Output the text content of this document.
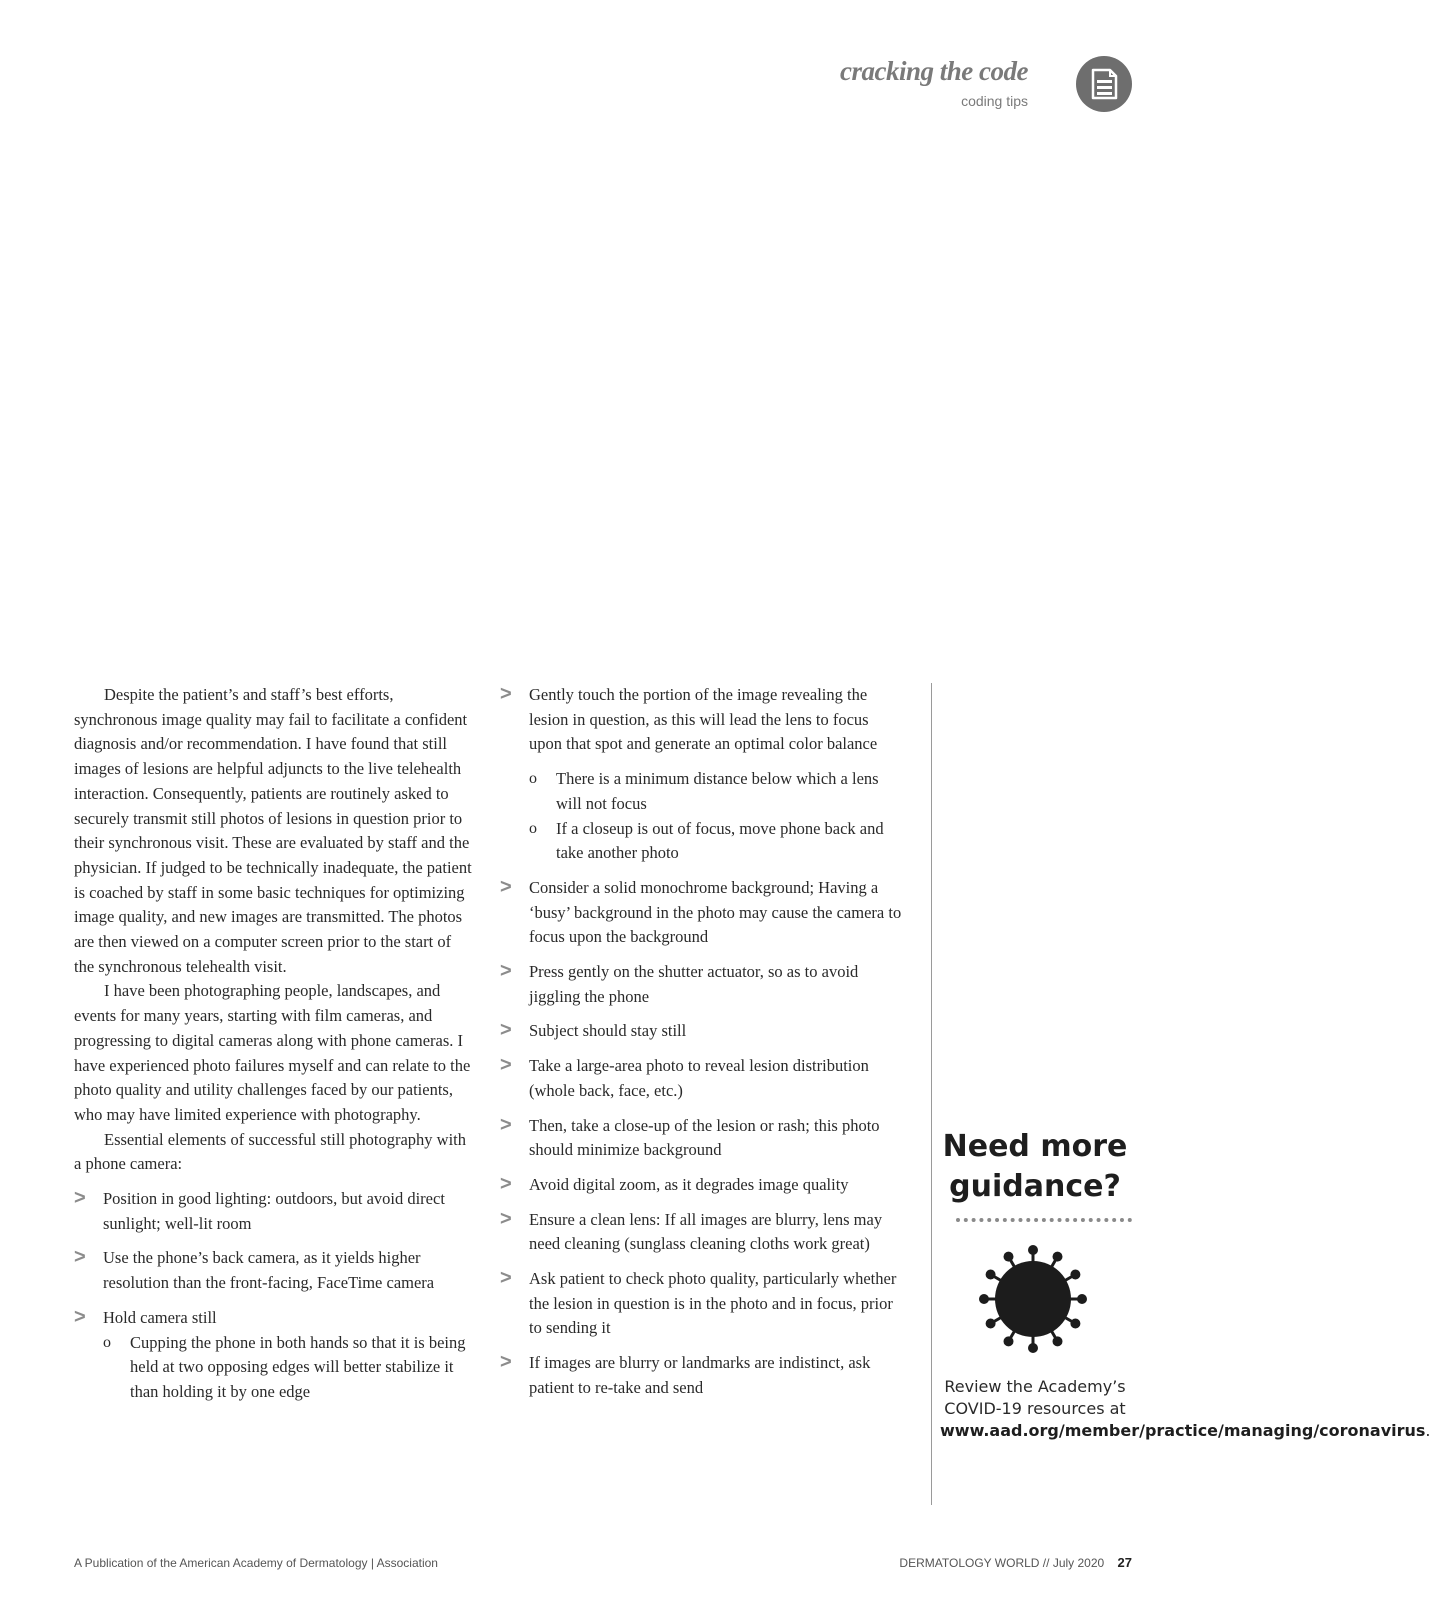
cracking the code
coding tips

Despite the patient’s and staff’s best efforts, synchronous image quality may fail to facilitate a confident diagnosis and/or recommendation. I have found that still images of lesions are helpful adjuncts to the live telehealth interaction. Consequently, patients are routinely asked to securely transmit still photos of lesions in question prior to their synchronous visit. These are evaluated by staff and the physician. If judged to be technically inadequate, the patient is coached by staff in some basic techniques for optimizing image quality, and new images are transmitted. The photos are then viewed on a computer screen prior to the start of the synchronous telehealth visit.

I have been photographing people, landscapes, and events for many years, starting with film cameras, and progressing to digital cameras along with phone cameras. I have experienced photo failures myself and can relate to the photo quality and utility challenges faced by our patients, who may have limited experience with photography.

Essential elements of successful still photography with a phone camera:

> Position in good lighting: outdoors, but avoid direct sunlight; well-lit room
> Use the phone’s back camera, as it yields higher resolution than the front-facing, FaceTime camera
> Hold camera still
o Cupping the phone in both hands so that it is being held at two opposing edges will better stabilize it than holding it by one edge
> Gently touch the portion of the image revealing the lesion in question, as this will lead the lens to focus upon that spot and generate an optimal color balance
o There is a minimum distance below which a lens will not focus
o If a closeup is out of focus, move phone back and take another photo
> Consider a solid monochrome background; Having a ‘busy’ background in the photo may cause the camera to focus upon the background
> Press gently on the shutter actuator, so as to avoid jiggling the phone
> Subject should stay still
> Take a large-area photo to reveal lesion distribution (whole back, face, etc.)
> Then, take a close-up of the lesion or rash; this photo should minimize background
> Avoid digital zoom, as it degrades image quality
> Ensure a clean lens: If all images are blurry, lens may need cleaning (sunglass cleaning cloths work great)
> Ask patient to check photo quality, particularly whether the lesion in question is in the photo and in focus, prior to sending it
> If images are blurry or landmarks are indistinct, ask patient to re-take and send
Need more guidance?
Review the Academy’s COVID-19 resources at www.aad.org/member/practice/managing/coronavirus.
A Publication of the American Academy of Dermatology | Association	DERMATOLOGY WORLD // July 2020 27
